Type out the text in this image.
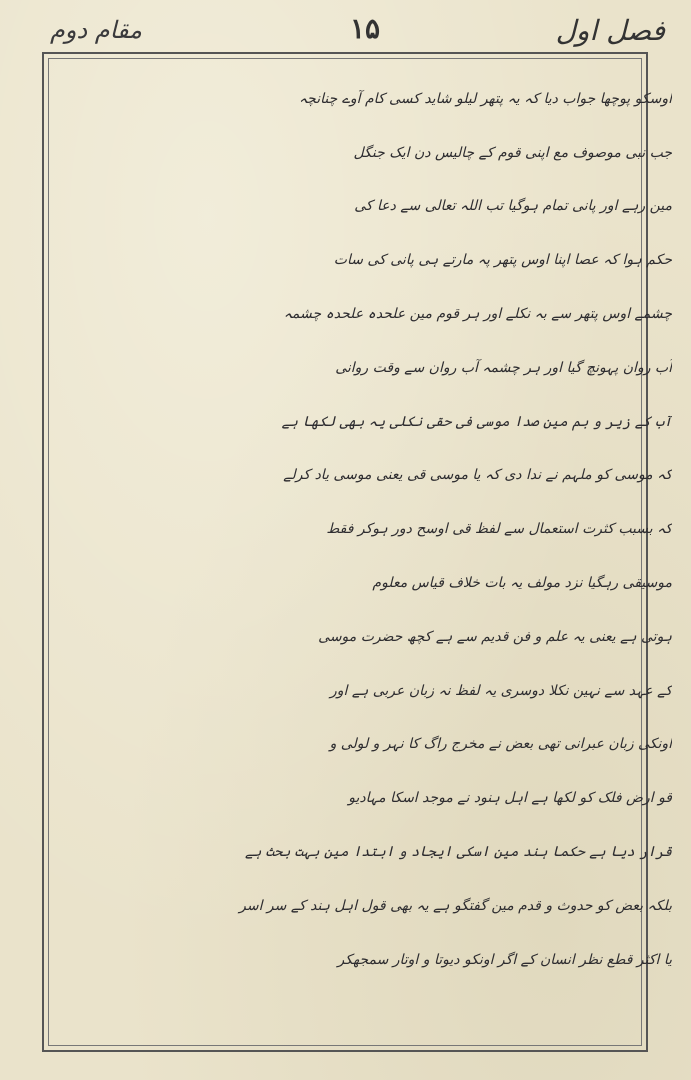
مقام دوم	۱۵	فصل اول
اوسکو پوچھا جواب دیا کہ یہ پتھر لیلو شاید کسی کام آوے چنانچہ
جب نبی موصوف مع اپنی قوم کے چالیس دن ایک جنگل
مین رہے اور پانی تمام ہوگیا تب اللہ تعالی سے دعا کی
حکم ہوا کہ عصا اپنا اوس پتھر پہ مارتے ہی پانی کی سات
چشمے اوس پتھر سے بہ نکلے اور ہر قوم مین علحدہ علحدہ چشمہ
آب روان پہونچ گیا اور ہر چشمہ آب روان سے وقت روانی
آب کے زیر و بم مین صدا موسی فی حقی نکلی یہ بھی لکھا ہے
کہ موسی کو ملہم نے ندا دی کہ یا موسی قی یعنی موسی یاد کرلے
کہ بسبب کثرت استعمال سے لفظ قی اوسح دور ہوکر فقط
موسیقی رہگیا نزد مولف یہ بات خلاف قیاس معلوم
ہوتی ہے یعنی یہ علم و فن قدیم سے ہے کچھ حضرت موسی
کے عہد سے نہین نکلا دوسری یہ لفظ نہ زبان عربی ہے اور
اونکی زبان عبرانی تھی بعض نے مخرج راگ کا نہر و لولی و
قو ارض فلک کو لکھا ہے اہل ہنود نے موجد اسکا مہادیو
قرار دیا ہے حکما ہند مین اسکی ایجاد و ابتدا مین بہت بحث ہے
بلکہ بعض کو حدوث و قدم مین گفتگو ہے یہ بھی قول اہل ہند کے سر اسر
یا اکثر قطع نظر انسان کے اگر اونکو دیوتا و اوتار سمجھکر
